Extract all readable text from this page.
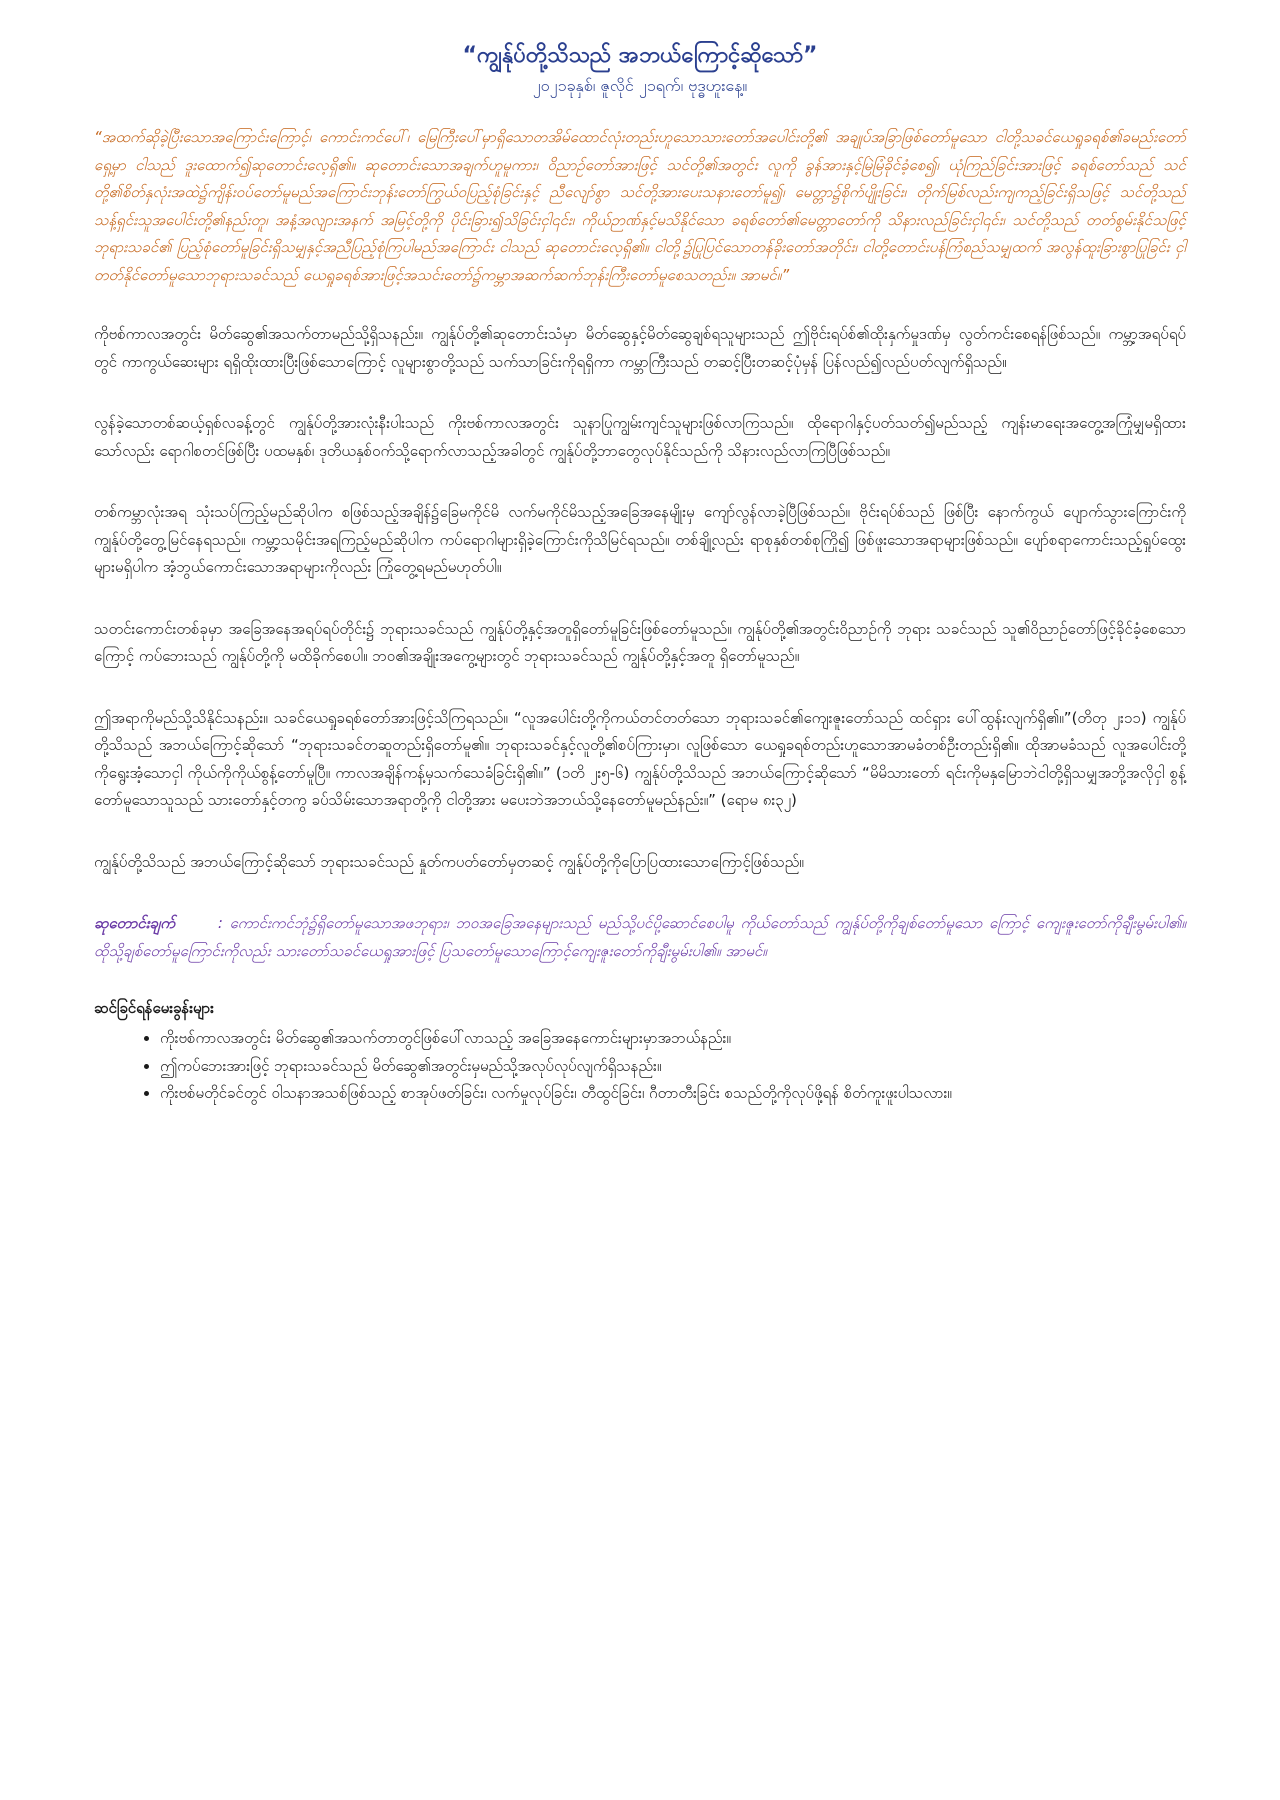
“ကျွန်ုပ်တို့သိသည် အဘယ်ကြောင့်ဆိုသော်”

၂၀၂၁ခုနှစ်၊ ဇူလိုင် ၂၁ရက်၊ ဗုဒ္ဓဟူးနေ့။

“အထက်ဆိုခဲ့ပြီးသောအကြောင်းကြောင့်၊ ကောင်းကင်ပေါ်၊ မြေကြီးပေါ်မှာရှိသောတအိမ်ထောင်လုံးတည်းဟူသောသားတော်အပေါင်းတို့၏ အချုပ်အခြာဖြစ်တော်မူသော ငါတို့သခင်ယေရှုခရစ်၏ခမည်းတော်ရှေ့မှာ ငါသည် ဒူးထောက်၍ဆုတောင်းလေ့ရှိ၏။ ဆုတောင်းသောအချက်ဟူမူကား၊ ဝိညာဉ်တော်အားဖြင့် သင်တို့၏အတွင်း လူကို ခွန်အားနှင့်မြဲမြံခိုင်ခံ့စေ၍၊ ယုံကြည်ခြင်းအားဖြင့် ခရစ်တော်သည် သင်တို့၏စိတ်နှလုံးအထဲ၌ကျိန်းဝပ်တော်မူမည်အကြောင်းဘုန်းတော်ကြွယ်ဝပြည့်စုံခြင်းနှင့် ညီလျော်စွာ သင်တို့အားပေးသနားတော်မူ၍၊ မေတ္တာ၌စိုက်ပျိုးခြင်း၊ တိုက်မြစ်လည်းကျကည့်ခြင်းရှိသဖြင့် သင်တို့သည် သန့်ရှင်းသူအပေါင်းတို့၏နည်းတူ၊ အနံ့အလျားအနက် အမြင့်တို့ကို ပိုင်းခြား၍သိခြင်းငှါ၎င်း၊ ကိုယ်ဉာဏ်နှင့်မသိနိုင်သော ခရစ်တော်၏မေတ္တာတော်ကို သိနားလည်ခြင်းငှါ၎င်း၊ သင်တို့သည် တတ်စွမ်းနိုင်သဖြင့် ဘုရားသခင်၏ ပြည့်စုံတော်မူခြင်းရှိသမျှနှင့်အညီပြည့်စုံကြပါမည်အကြောင်း ငါသည် ဆုတောင်းလေ့ရှိ၏။ ငါတို့၌ပြုပြင်သောတန်ခိုးတော်အတိုင်း၊ ငါတို့တောင်းပန်ကြံစည်သမျှထက် အလွန်ထူးခြားစွာပြုခြင်း ငှါတတ်နိုင်တော်မူသောဘုရားသခင်သည် ယေရှုခရစ်အားဖြင့်အသင်းတော်၌ကမ္ဘာအဆက်ဆက်ဘုန်းကြီးတော်မူစေသတည်း။ အာမင်။”

ကိုဗစ်ကာလအတွင်း မိတ်ဆွေ၏အသက်တာမည်သို့ရှိသနည်း။ ကျွန်ုပ်တို့၏ဆုတောင်းသံမှာ မိတ်ဆွေနှင့်မိတ်ဆွေချစ်ရသူများသည် ဤဗိုင်းရပ်စ်၏ထိုးနှက်မှုဒဏ်မှ လွတ်ကင်းစေရန်ဖြစ်သည်။ ကမ္ဘာ့အရပ်ရပ်တွင် ကာကွယ်ဆေးများ ရရှိထိုးထားပြီးဖြစ်သောကြောင့် လူများစွာတို့သည် သက်သာခြင်းကိုရရှိကာ ကမ္ဘာကြီးသည် တဆင့်ပြီးတဆင့်ပုံမှန် ပြန်လည်၍လည်ပတ်လျက်ရှိသည်။

လွန်ခဲ့သောတစ်ဆယ့်ရှစ်လခန့်တွင် ကျွန်ုပ်တို့အားလုံးနီးပါးသည် ကိုးဗစ်ကာလအတွင်း သူနာပြုကျွမ်းကျင်သူများဖြစ်လာကြသည်။ ထိုရောဂါနှင့်ပတ်သတ်၍မည်သည့် ကျန်းမာရေးအတွေ့အကြုံမျှမရှိထားသော်လည်း ရောဂါစတင်ဖြစ်ပြီး ပထမနှစ်၊ ဒုတိယနှစ်ဝက်သို့ရောက်လာသည့်အခါတွင် ကျွန်ုပ်တို့ဘာတွေလုပ်နိုင်သည်ကို သိနားလည်လာကြပြီဖြစ်သည်။

တစ်ကမ္ဘာလုံးအရ သုံးသပ်ကြည့်မည်ဆိုပါက စဖြစ်သည့်အချိန်၌ခြေမကိုင်မိ လက်မကိုင်မိသည့်အခြေအနေမျိုးမှ ကျော်လွန်လာခဲ့ပြီဖြစ်သည်။ ဗိုင်းရပ်စ်သည် ဖြစ်ပြီး နောက်ကွယ် ပျောက်သွားကြောင်းကို ကျွန်ုပ်တို့တွေ့မြင်နေရသည်။ ကမ္ဘာ့သမိုင်းအရကြည့်မည်ဆိုပါက ကပ်ရောဂါများရှိခဲ့ကြောင်းကိုသိမြင်ရသည်။ တစ်ချို့လည်း ရာစုနှစ်တစ်စုကြို၍ ဖြစ်ဖူးသောအရာများဖြစ်သည်။ ပျော်စရာကောင်းသည့်ရှုပ်ထွေးများမရှိပါက အံ့ဘွယ်ကောင်းသောအရာများကိုလည်း ကြုံတွေ့ရမည်မဟုတ်ပါ။

သတင်းကောင်းတစ်ခုမှာ အခြေအနေအရပ်ရပ်တိုင်း၌ ဘုရားသခင်သည် ကျွန်ုပ်တို့နှင့်အတူရှိတော်မူခြင်းဖြစ်တော်မူသည်။ ကျွန်ုပ်တို့၏အတွင်းဝိညာဉ်ကို ဘုရား သခင်သည် သူ၏ဝိညာဉ်တော်ဖြင့်ခိုင်ခံ့စေသောကြောင့် ကပ်ဘေးသည် ကျွန်ုပ်တို့ကို မထိခိုက်စေပါ။ ဘဝ၏အချိုးအကွေ့များတွင် ဘုရားသခင်သည် ကျွန်ုပ်တို့နှင့်အတူ ရှိတော်မူသည်။

ဤအရာကိုမည်သို့သိနိုင်သနည်း။ သခင်ယေရှုခရစ်တော်အားဖြင့်သိကြရသည်။ “လူအပေါင်းတို့ကိုကယ်တင်တတ်သော ဘုရားသခင်၏ကျေးဇူးတော်သည် ထင်ရှား ပေါ်ထွန်းလျက်ရှိ၏။”(တိတု ၂း၁၁) ကျွန်ုပ်တို့သိသည် အဘယ်ကြောင့်ဆိုသော် “ဘုရားသခင်တဆူတည်းရှိတော်မူ၏။ ဘုရားသခင်နှင့်လူတို့၏စပ်ကြားမှာ၊ လူဖြစ်သော ယေရှုခရစ်တည်းဟူသောအာမခံတစ်ဦးတည်းရှိ၏။ ထိုအာမခံသည် လူအပေါင်းတို့ကိုရွေးအံ့သောငှါ ကိုယ်ကိုကိုယ်စွန့်တော်မူပြီ။ ကာလအချိန်ကန့်မှသက်သေခံခြင်းရှိ၏။” (၁တိ ၂း၅-၆) ကျွန်ုပ်တို့သိသည် အဘယ်ကြောင့်ဆိုသော် “မိမိသားတော် ရင်းကိုမနှမြောဘဲငါတို့ရှိသမျှအဘို့အလိုငှါ စွန့်တော်မူသောသူသည် သားတော်နှင့်တကွ ခပ်သိမ်းသောအရာတို့ကို ငါတို့အား မပေးဘဲအဘယ်သို့နေတော်မူမည်နည်း။” (ရောမ ၈း၃၂)

ကျွန်ုပ်တို့သိသည် အဘယ်ကြောင့်ဆိုသော် ဘုရားသခင်သည် နှုတ်ကပတ်တော်မှတဆင့် ကျွန်ုပ်တို့ကိုပြောပြထားသောကြောင့်ဖြစ်သည်။

ဆုတောင်းချက်	: ကောင်းကင်ဘုံ၌ရှိတော်မူသောအဖဘုရား၊ ဘဝအခြေအနေများသည် မည်သို့ပင်ပို့ဆောင်စေပါမူ ကိုယ်တော်သည် ကျွန်ုပ်တို့ကိုချစ်တော်မူသော ကြောင့် ကျေးဇူးတော်ကိုချီးမွမ်းပါ၏။ ထိုသို့ချစ်တော်မူကြောင်းကိုလည်း သားတော်သခင်ယေရှုအားဖြင့် ပြသတော်မူသောကြောင့်ကျေးဇူးတော်ကိုချီးမွမ်းပါ၏။ အာမင်။

ဆင်ခြင်ရန်မေးခွန်းများ

• ကိုးဗစ်ကာလအတွင်း မိတ်ဆွေ၏အသက်တာတွင်ဖြစ်ပေါ်လာသည့် အခြေအနေကောင်းများမှာအဘယ်နည်း။
• ဤကပ်ဘေးအားဖြင့် ဘုရားသခင်သည် မိတ်ဆွေ၏အတွင်းမှမည်သို့အလုပ်လုပ်လျက်ရှိသနည်း။
• ကိုးဗစ်မတိုင်ခင်တွင် ဝါသနာအသစ်ဖြစ်သည့် စာအုပ်ဖတ်ခြင်း၊ လက်မှုလုပ်ခြင်း၊ တီထွင်ခြင်း၊ ဂီတာတီးခြင်း စသည်တို့ကိုလုပ်ဖို့ရန် စိတ်ကူးဖူးပါသလား။
